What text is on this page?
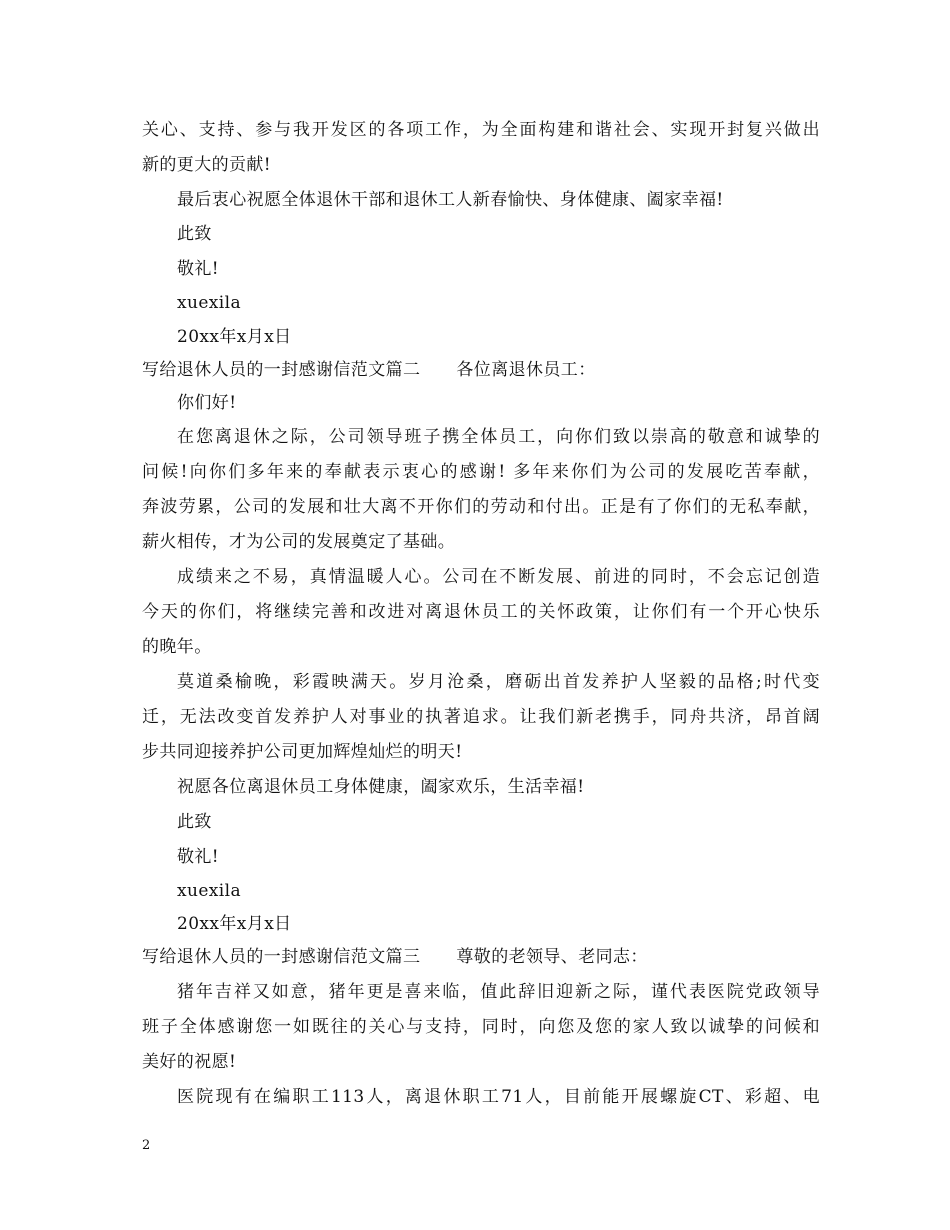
关心、支持、参与我开发区的各项工作，为全面构建和谐社会、实现开封复兴做出
新的更大的贡献!
最后衷心祝愿全体退休干部和退休工人新春愉快、身体健康、阖家幸福!
此致
敬礼!
xuexila
20xx年x月x日
写给退休人员的一封感谢信范文篇二 各位离退休员工：
你们好!
在您离退休之际，公司领导班子携全体员工，向你们致以崇高的敬意和诚挚的
问候!向你们多年来的奉献表示衷心的感谢! 多年来你们为公司的发展吃苦奉献，
奔波劳累，公司的发展和壮大离不开你们的劳动和付出。正是有了你们的无私奉献，
薪火相传，才为公司的发展奠定了基础。
成绩来之不易，真情温暖人心。公司在不断发展、前进的同时，不会忘记创造
今天的你们，将继续完善和改进对离退休员工的关怀政策，让你们有一个开心快乐
的晚年。
莫道桑榆晚，彩霞映满天。岁月沧桑，磨砺出首发养护人坚毅的品格;时代变
迁，无法改变首发养护人对事业的执著追求。让我们新老携手，同舟共济，昂首阔
步共同迎接养护公司更加辉煌灿烂的明天!
祝愿各位离退休员工身体健康，阖家欢乐，生活幸福!
此致
敬礼!
xuexila
20xx年x月x日
写给退休人员的一封感谢信范文篇三 尊敬的老领导、老同志：
猪年吉祥又如意，猪年更是喜来临，值此辞旧迎新之际，谨代表医院党政领导
班子全体感谢您一如既往的关心与支持，同时，向您及您的家人致以诚挚的问候和
美好的祝愿!
医院现有在编职工113人，离退休职工71人，目前能开展螺旋CT、彩超、电
2
